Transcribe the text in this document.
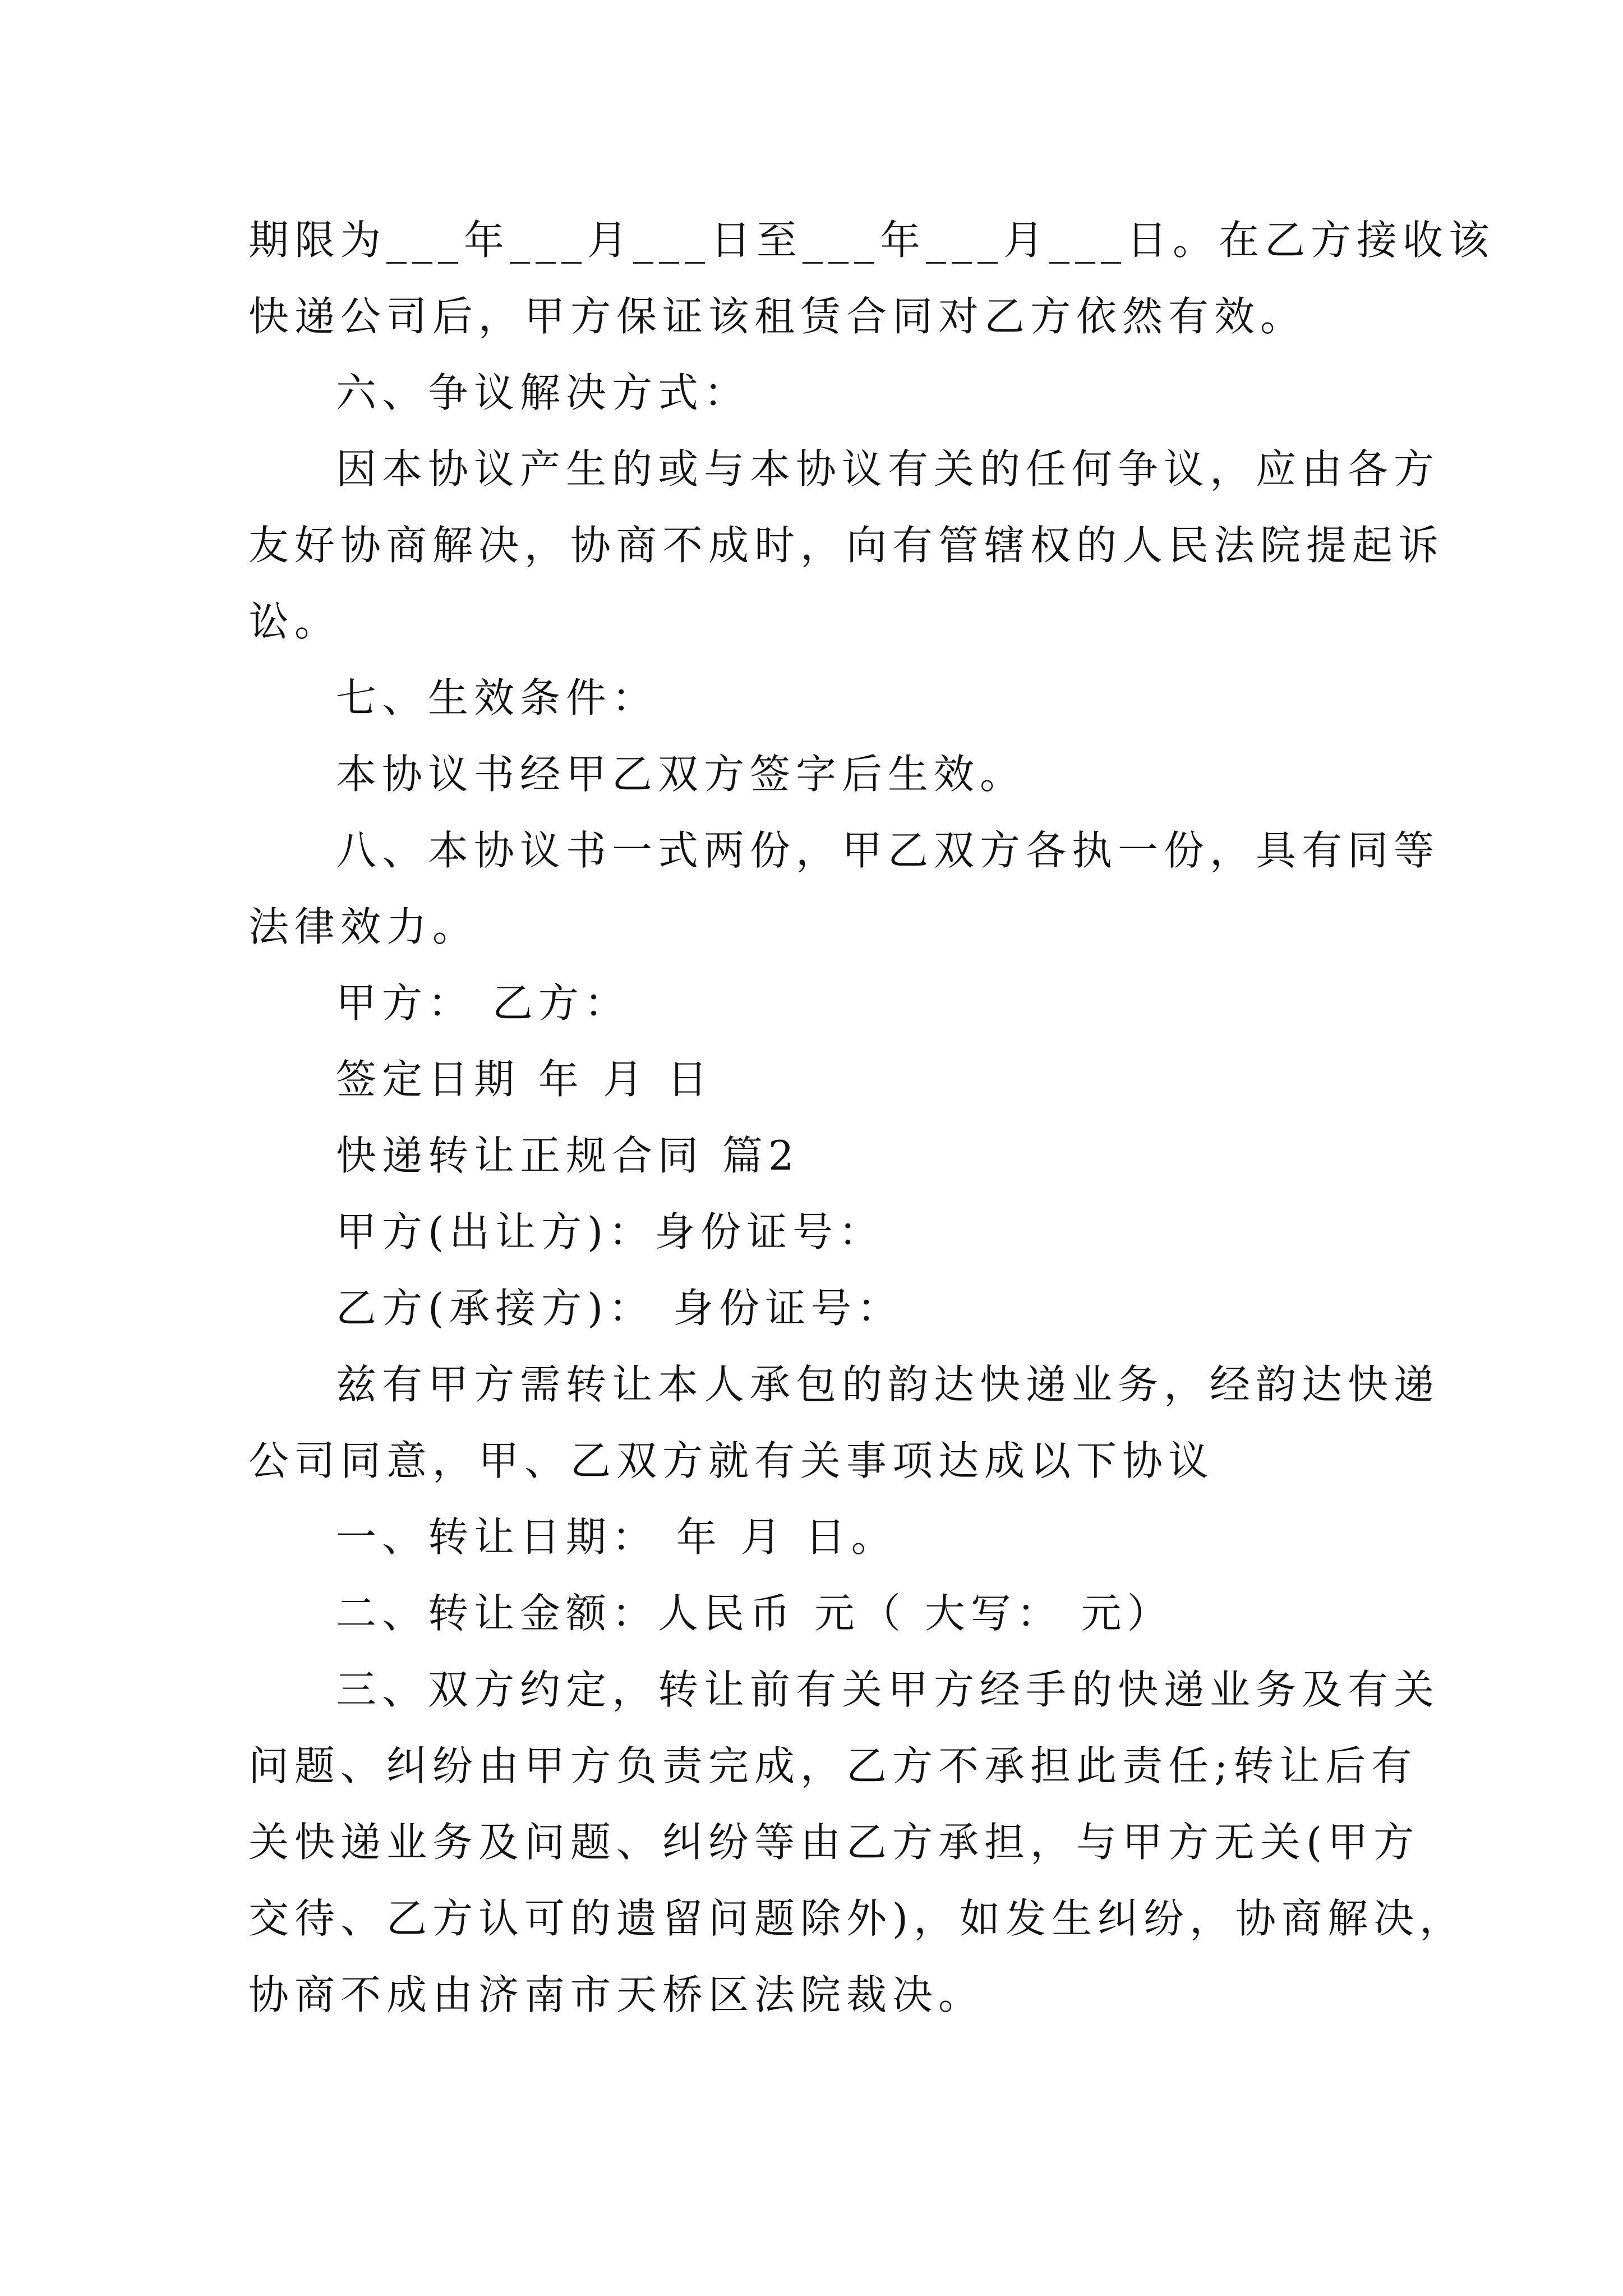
期限为___年___月___日至___年___月___日。在乙方接收该
快递公司后，甲方保证该租赁合同对乙方依然有效。
六、争议解决方式：
因本协议产生的或与本协议有关的任何争议，应由各方
友好协商解决，协商不成时，向有管辖权的人民法院提起诉
讼。
七、生效条件：
本协议书经甲乙双方签字后生效。
八、本协议书一式两份，甲乙双方各执一份，具有同等
法律效力。
甲方： 乙方：
签定日期 年 月 日
快递转让正规合同 篇2
甲方(出让方)：身份证号：
乙方(承接方)： 身份证号：
兹有甲方需转让本人承包的韵达快递业务，经韵达快递
公司同意，甲、乙双方就有关事项达成以下协议
一、转让日期： 年 月 日。
二、转让金额：人民币 元（ 大写： 元）
三、双方约定，转让前有关甲方经手的快递业务及有关
问题、纠纷由甲方负责完成，乙方不承担此责任;转让后有
关快递业务及问题、纠纷等由乙方承担，与甲方无关(甲方
交待、乙方认可的遗留问题除外)，如发生纠纷，协商解决，
协商不成由济南市天桥区法院裁决。
